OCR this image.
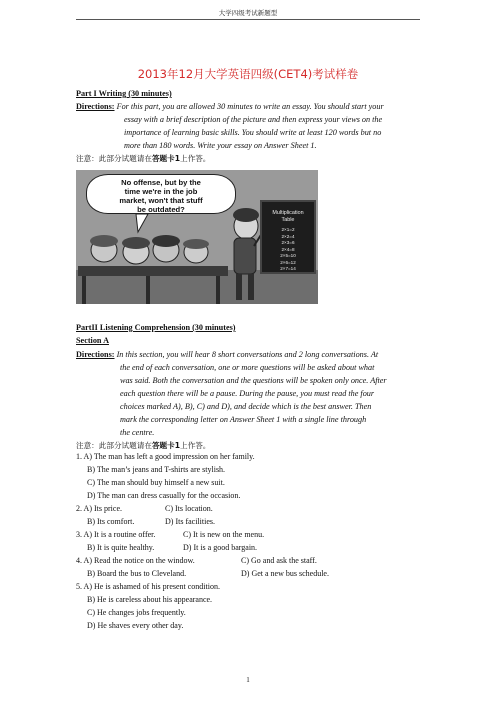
大学四级考试新题型
2013年12月大学英语四级(CET4)考试样卷
Part I Writing (30 minutes)
Directions: For this part, you are allowed 30 minutes to write an essay. You should start your
essay with a brief description of the picture and then express your views on the
importance of learning basic skills. You should write at least 120 words but no
more than 180 words. Write your essay on Answer Sheet 1.
注意：此部分试题请在答题卡1上作答。
No offense, but by the
time we're in the job
market, won't that stuff
be outdated?	Multiplication
Table
2×1=2
2×2=4
2×3=6
2×4=8
2×5=10
2×6=12
2×7=14
PartII Listening Comprehension (30 minutes)
Section A
Directions: In this section, you will hear 8 short conversations and 2 long conversations. At
the end of each conversation, one or more questions will be asked about what
was said. Both the conversation and the questions will be spoken only once. After
each question there will be a pause. During the pause, you must read the four
choices marked A), B), C) and D), and decide which is the best answer. Then
mark the corresponding letter on Answer Sheet 1 with a single line through
the centre.
注意：此部分试题请在答题卡1上作答。
1. A) The man has left a good impression on her family.
B) The man’s jeans and T-shirts are stylish.
C) The man should buy himself a new suit.
D) The man can dress casually for the occasion.
2. A) Its price.	C) Its location.
B) Its comfort.	D) Its facilities.
3. A) It is a routine offer.	C) It is new on the menu.
B) It is quite healthy.	D) It is a good bargain.
4. A) Read the notice on the window.	C) Go and ask the staff.
B) Board the bus to Cleveland.	D) Get a new bus schedule.
5. A) He is ashamed of his present condition.
B) He is careless about his appearance.
C) He changes jobs frequently.
D) He shaves every other day.
1
